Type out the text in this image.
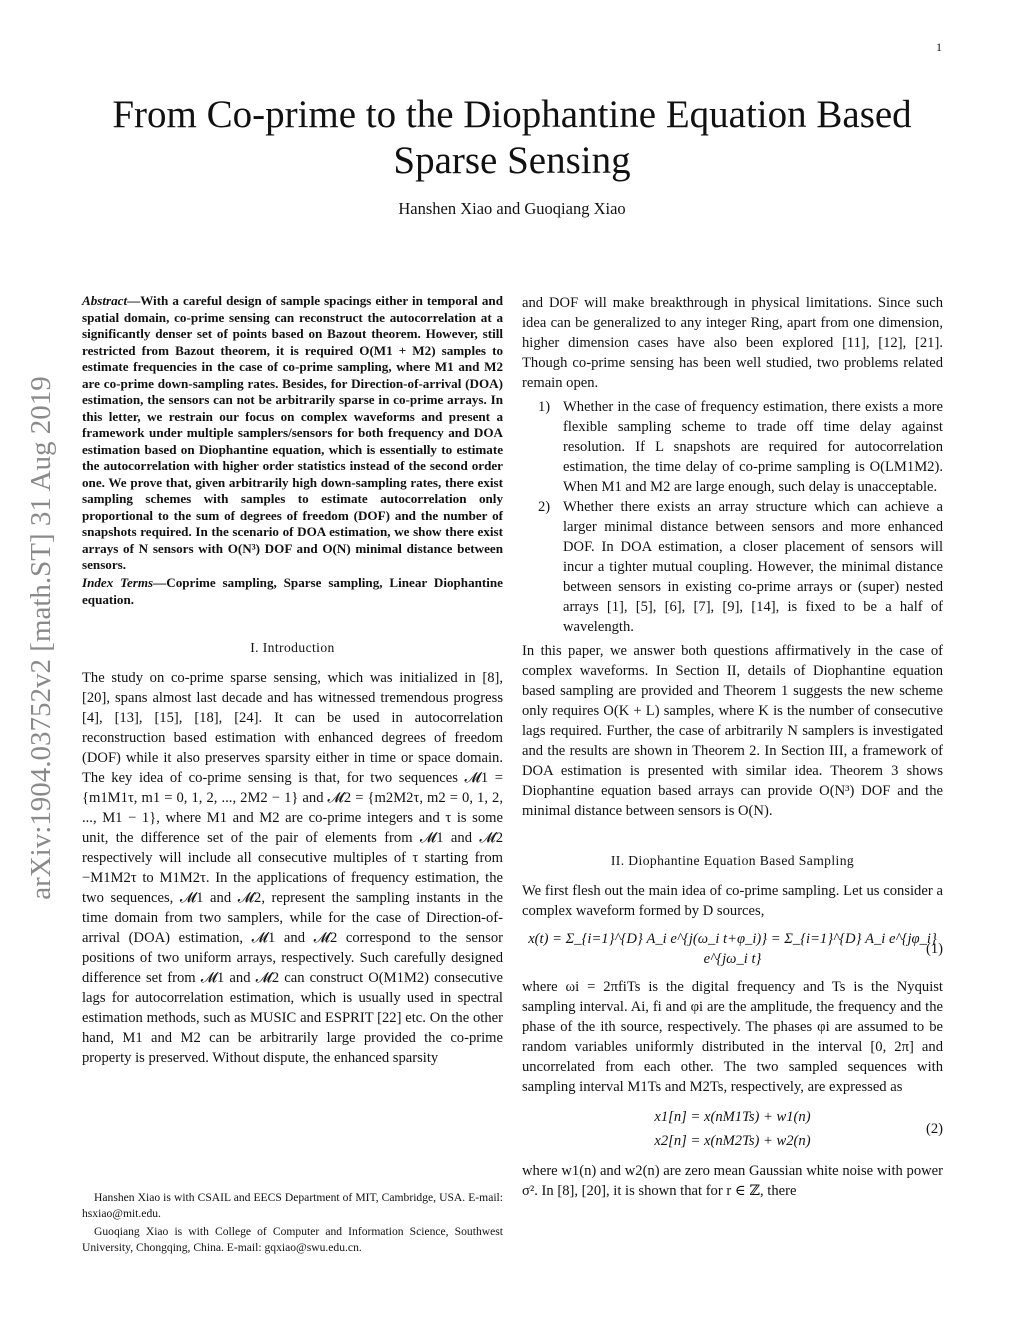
1
From Co-prime to the Diophantine Equation Based
Sparse Sensing
Hanshen Xiao and Guoqiang Xiao
arXiv:1904.03752v2 [math.ST] 31 Aug 2019

Abstract—With a careful design of sample spacings either in temporal and spatial domain, co-prime sensing can reconstruct the autocorrelation at a significantly denser set of points based on Bazout theorem. However, still restricted from Bazout theorem, it is required O(M1 + M2) samples to estimate frequencies in the case of co-prime sampling, where M1 and M2 are co-prime down-sampling rates. Besides, for Direction-of-arrival (DOA) estimation, the sensors can not be arbitrarily sparse in co-prime arrays. In this letter, we restrain our focus on complex waveforms and present a framework under multiple samplers/sensors for both frequency and DOA estimation based on Diophantine equation, which is essentially to estimate the autocorrelation with higher order statistics instead of the second order one. We prove that, given arbitrarily high down-sampling rates, there exist sampling schemes with samples to estimate autocorrelation only proportional to the sum of degrees of freedom (DOF) and the number of snapshots required. In the scenario of DOA estimation, we show there exist arrays of N sensors with O(N³) DOF and O(N) minimal distance between sensors.

Index Terms—Coprime sampling, Sparse sampling, Linear Diophantine equation.

I. Introduction

The study on co-prime sparse sensing, which was initialized in [8], [20], spans almost last decade and has witnessed tremendous progress [4], [13], [15], [18], [24]. It can be used in autocorrelation reconstruction based estimation with enhanced degrees of freedom (DOF) while it also preserves sparsity either in time or space domain. The key idea of co-prime sensing is that, for two sequences 𝓜1 = {m1M1τ, m1 = 0, 1, 2, ..., 2M2 − 1} and 𝓜2 = {m2M2τ, m2 = 0, 1, 2, ..., M1 − 1}, where M1 and M2 are co-prime integers and τ is some unit, the difference set of the pair of elements from 𝓜1 and 𝓜2 respectively will include all consecutive multiples of τ starting from −M1M2τ to M1M2τ. In the applications of frequency estimation, the two sequences, 𝓜1 and 𝓜2, represent the sampling instants in the time domain from two samplers, while for the case of Direction-of-arrival (DOA) estimation, 𝓜1 and 𝓜2 correspond to the sensor positions of two uniform arrays, respectively. Such carefully designed difference set from 𝓜1 and 𝓜2 can construct O(M1M2) consecutive lags for autocorrelation estimation, which is usually used in spectral estimation methods, such as MUSIC and ESPRIT [22] etc. On the other hand, M1 and M2 can be arbitrarily large provided the co-prime property is preserved. Without dispute, the enhanced sparsity

Hanshen Xiao is with CSAIL and EECS Department of MIT, Cambridge, USA. E-mail: hsxiao@mit.edu.

Guoqiang Xiao is with College of Computer and Information Science, Southwest University, Chongqing, China. E-mail: gqxiao@swu.edu.cn.

and DOF will make breakthrough in physical limitations. Since such idea can be generalized to any integer Ring, apart from one dimension, higher dimension cases have also been explored [11], [12], [21]. Though co-prime sensing has been well studied, two problems related remain open.

1) Whether in the case of frequency estimation, there exists a more flexible sampling scheme to trade off time delay against resolution. If L snapshots are required for autocorrelation estimation, the time delay of co-prime sampling is O(LM1M2). When M1 and M2 are large enough, such delay is unacceptable.
2) Whether there exists an array structure which can achieve a larger minimal distance between sensors and more enhanced DOF. In DOA estimation, a closer placement of sensors will incur a tighter mutual coupling. However, the minimal distance between sensors in existing co-prime arrays or (super) nested arrays [1], [5], [6], [7], [9], [14], is fixed to be a half of wavelength.

In this paper, we answer both questions affirmatively in the case of complex waveforms. In Section II, details of Diophantine equation based sampling are provided and Theorem 1 suggests the new scheme only requires O(K + L) samples, where K is the number of consecutive lags required. Further, the case of arbitrarily N samplers is investigated and the results are shown in Theorem 2. In Section III, a framework of DOA estimation is presented with similar idea. Theorem 3 shows Diophantine equation based arrays can provide O(N³) DOF and the minimal distance between sensors is O(N).

II. Diophantine Equation Based Sampling

We first flesh out the main idea of co-prime sampling. Let us consider a complex waveform formed by D sources,

x(t) = Σ_{i=1}^{D} A_i e^{j(ω_i t+φ_i)} = Σ_{i=1}^{D} A_i e^{jφ_i} e^{jω_i t}
(1)

where ωi = 2πfiTs is the digital frequency and Ts is the Nyquist sampling interval. Ai, fi and φi are the amplitude, the frequency and the phase of the ith source, respectively. The phases φi are assumed to be random variables uniformly distributed in the interval [0, 2π] and uncorrelated from each other. The two sampled sequences with sampling interval M1Ts and M2Ts, respectively, are expressed as

x1[n] = x(nM1Ts) + w1(n)
x2[n] = x(nM2Ts) + w2(n)
(2)

where w1(n) and w2(n) are zero mean Gaussian white noise with power σ². In [8], [20], it is shown that for r ∈ ℤ, there
